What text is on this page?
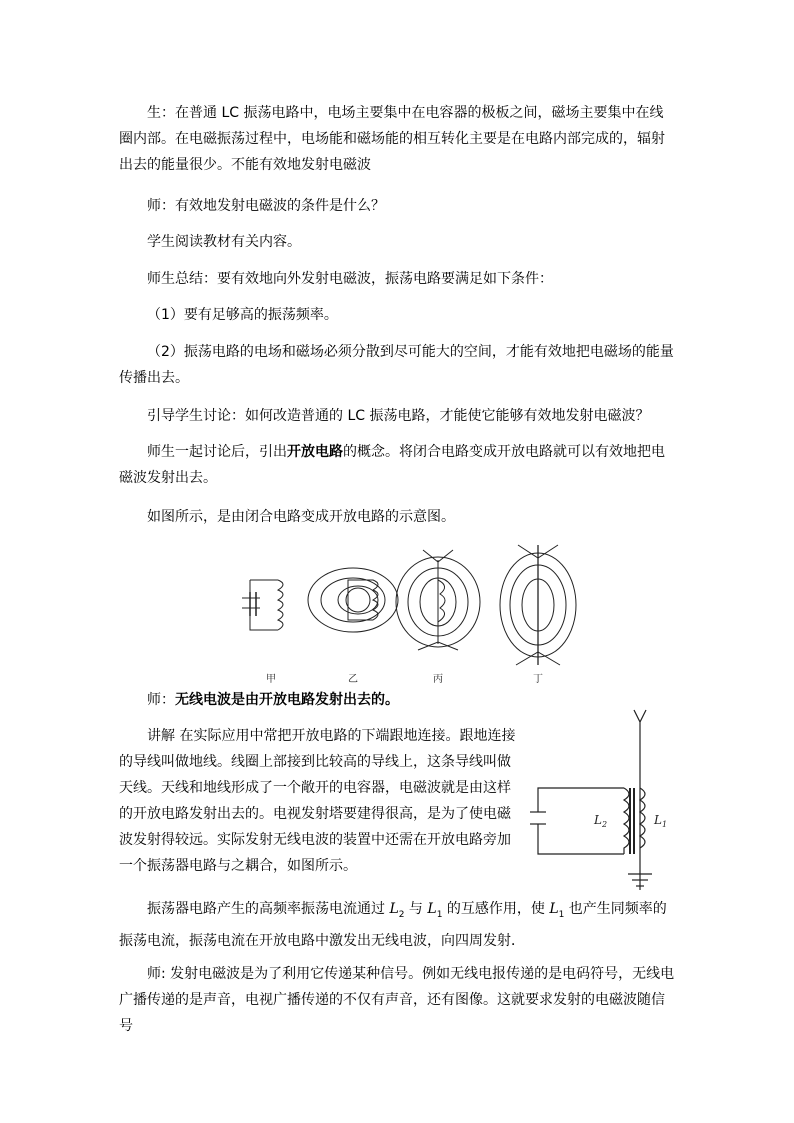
生：在普通 LC 振荡电路中，电场主要集中在电容器的极板之间，磁场主要集中在线圈内部。在电磁振荡过程中，电场能和磁场能的相互转化主要是在电路内部完成的，辐射出去的能量很少。不能有效地发射电磁波

师：有效地发射电磁波的条件是什么？

学生阅读教材有关内容。

师生总结：要有效地向外发射电磁波，振荡电路要满足如下条件：

（1）要有足够高的振荡频率。

（2）振荡电路的电场和磁场必须分散到尽可能大的空间，才能有效地把电磁场的能量传播出去。

引导学生讨论：如何改造普通的 LC 振荡电路，才能使它能够有效地发射电磁波？

师生一起讨论后，引出开放电路的概念。将闭合电路变成开放电路就可以有效地把电磁波发射出去。

如图所示，是由闭合电路变成开放电路的示意图。

甲	乙	丙	丁

师：无线电波是由开放电路发射出去的。

讲解 在实际应用中常把开放电路的下端跟地连接。跟地连接的导线叫做地线。线圈上部接到比较高的导线上，这条导线叫做天线。天线和地线形成了一个敞开的电容器，电磁波就是由这样的开放电路发射出去的。电视发射塔要建得很高，是为了使电磁波发射得较远。实际发射无线电波的装置中还需在开放电路旁加一个振荡器电路与之耦合，如图所示。

$L_2$	$L_1$

振荡器电路产生的高频率振荡电流通过 $L_2$ 与 $L_1$ 的互感作用，使 $L_1$ 也产生同频率的振荡电流，振荡电流在开放电路中激发出无线电波，向四周发射．

师: 发射电磁波是为了利用它传递某种信号。例如无线电报传递的是电码符号，无线电广播传递的是声音，电视广播传递的不仅有声音，还有图像。这就要求发射的电磁波随信号
